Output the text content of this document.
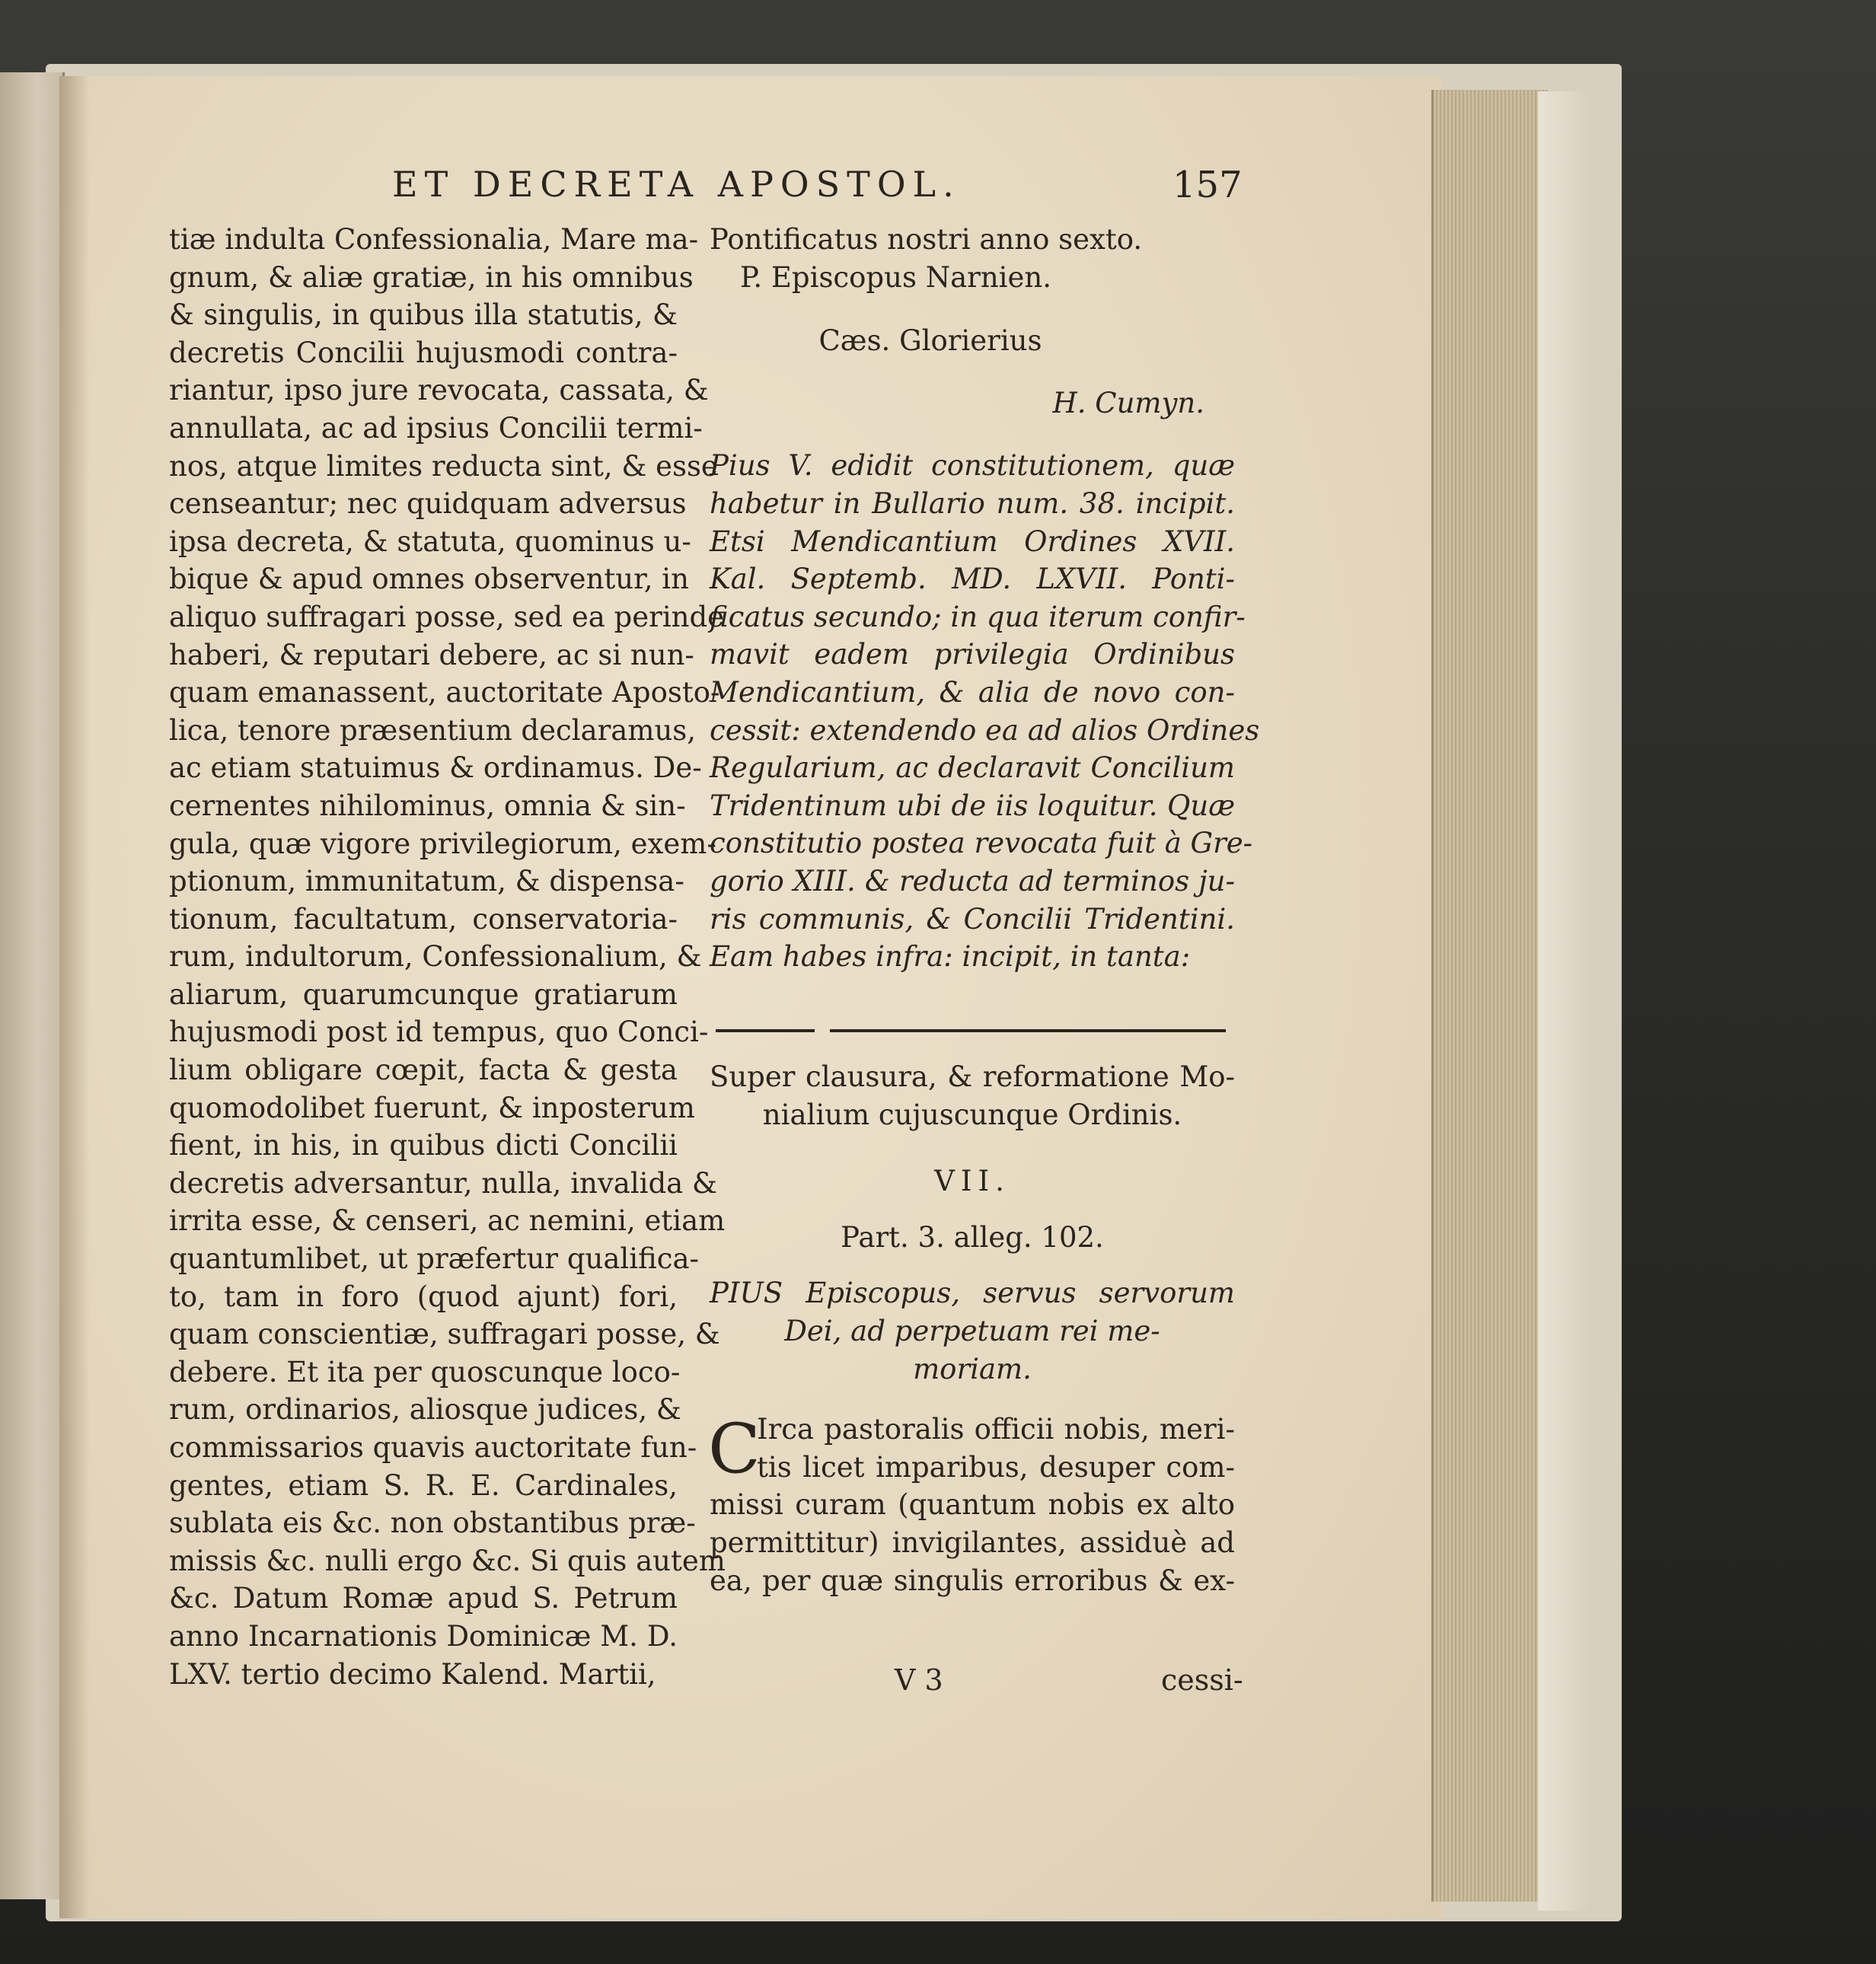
ET DECRETA APOSTOL.	157
tiæ indulta Confessionalia, Mare ma-
gnum, & aliæ gratiæ, in his omnibus
& singulis, in quibus illa statutis, &
decretis Concilii hujusmodi contra-
riantur, ipso jure revocata, cassata, &
annullata, ac ad ipsius Concilii termi-
nos, atque limites reducta sint, & esse
censeantur; nec quidquam adversus
ipsa decreta, & statuta, quominus u-
bique & apud omnes observentur, in
aliquo suffragari posse, sed ea perinde
haberi, & reputari debere, ac si nun-
quam emanassent, auctoritate Aposto-
lica, tenore præsentium declaramus,
ac etiam statuimus & ordinamus. De-
cernentes nihilominus, omnia & sin-
gula, quæ vigore privilegiorum, exem-
ptionum, immunitatum, & dispensa-
tionum, facultatum, conservatoria-
rum, indultorum, Confessionalium, &
aliarum, quarumcunque gratiarum
hujusmodi post id tempus, quo Conci-
lium obligare cœpit, facta & gesta
quomodolibet fuerunt, & inposterum
fient, in his, in quibus dicti Concilii
decretis adversantur, nulla, invalida &
irrita esse, & censeri, ac nemini, etiam
quantumlibet, ut præfertur qualifica-
to, tam in foro (quod ajunt) fori,
quam conscientiæ, suffragari posse, &
debere. Et ita per quoscunque loco-
rum, ordinarios, aliosque judices, &
commissarios quavis auctoritate fun-
gentes, etiam S. R. E. Cardinales,
sublata eis &c. non obstantibus præ-
missis &c. nulli ergo &c. Si quis autem
&c. Datum Romæ apud S. Petrum
anno Incarnationis Dominicæ M. D.
LXV. tertio decimo Kalend. Martii,
Pontificatus nostri anno sexto.
P. Episcopus Narnien.
Cæs. Glorierius
H. Cumyn.
Pius V. edidit constitutionem, quæ
habetur in Bullario num. 38. incipit.
Etsi Mendicantium Ordines XVII.
Kal. Septemb. MD. LXVII. Ponti-
ficatus secundo; in qua iterum confir-
mavit eadem privilegia Ordinibus
Mendicantium, & alia de novo con-
cessit: extendendo ea ad alios Ordines
Regularium, ac declaravit Concilium
Tridentinum ubi de iis loquitur. Quæ
constitutio postea revocata fuit à Gre-
gorio XIII. & reducta ad terminos ju-
ris communis, & Concilii Tridentini.
Eam habes infra: incipit, in tanta:
Super clausura, & reformatione Mo-
nialium cujuscunque Ordinis.
VII.
Part. 3. alleg. 102.
PIUS Episcopus, servus servorum
Dei, ad perpetuam rei me-
moriam.
C
Irca pastoralis officii nobis, meri-
tis licet imparibus, desuper com-
missi curam (quantum nobis ex alto
permittitur) invigilantes, assiduè ad
ea, per quæ singulis erroribus & ex-
V 3	cessi-
